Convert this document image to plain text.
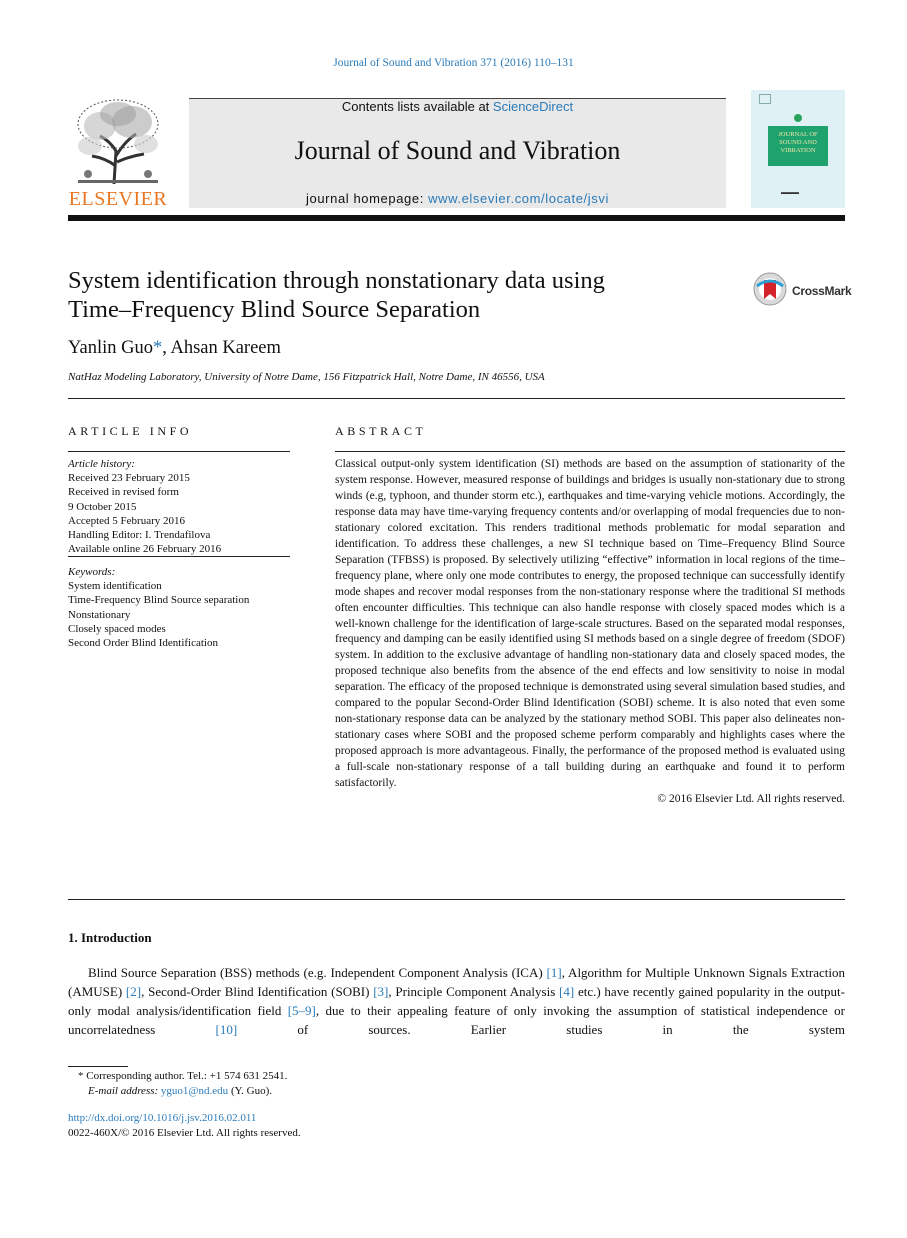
Journal of Sound and Vibration 371 (2016) 110–131
ELSEVIER
Contents lists available at ScienceDirect
Journal of Sound and Vibration
journal homepage: www.elsevier.com/locate/jsvi
JOURNAL OF
SOUND AND
VIBRATION
▬▬▬
System identification through nonstationary data using
Time–Frequency Blind Source Separation
CrossMark
Yanlin Guo*, Ahsan Kareem
NatHaz Modeling Laboratory, University of Notre Dame, 156 Fitzpatrick Hall, Notre Dame, IN 46556, USA
ARTICLE INFO
Article history:
Received 23 February 2015
Received in revised form
9 October 2015
Accepted 5 February 2016
Handling Editor: I. Trendafilova
Available online 26 February 2016
Keywords:
System identification
Time-Frequency Blind Source separation
Nonstationary
Closely spaced modes
Second Order Blind Identification
ABSTRACT
Classical output-only system identification (SI) methods are based on the assumption of stationarity of the system response. However, measured response of buildings and bridges is usually non-stationary due to strong winds (e.g, typhoon, and thunder storm etc.), earthquakes and time-varying vehicle motions. Accordingly, the response data may have time-varying frequency contents and/or overlapping of modal frequencies due to non-stationary colored excitation. This renders traditional methods problematic for modal separation and identification. To address these challenges, a new SI technique based on Time–Frequency Blind Source Separation (TFBSS) is proposed. By selectively utilizing “effective” information in local regions of the time–frequency plane, where only one mode contributes to energy, the proposed technique can successfully identify mode shapes and recover modal responses from the non-stationary response where the traditional SI methods often encounter difficulties. This technique can also handle response with closely spaced modes which is a well-known challenge for the identification of large-scale structures. Based on the separated modal responses, frequency and damping can be easily identified using SI methods based on a single degree of freedom (SDOF) system. In addition to the exclusive advantage of handling non-stationary data and closely spaced modes, the proposed technique also benefits from the absence of the end effects and low sensitivity to noise in modal separation. The efficacy of the proposed technique is demonstrated using several simulation based studies, and compared to the popular Second-Order Blind Identification (SOBI) scheme. It is also noted that even some non-stationary response data can be analyzed by the stationary method SOBI. This paper also delineates non-stationary cases where SOBI and the proposed scheme perform comparably and highlights cases where the proposed approach is more advantageous. Finally, the performance of the proposed method is evaluated using a full-scale non-stationary response of a tall building during an earthquake and found it to perform satisfactorily.
© 2016 Elsevier Ltd. All rights reserved.
1. Introduction

Blind Source Separation (BSS) methods (e.g. Independent Component Analysis (ICA) [1], Algorithm for Multiple Unknown Signals Extraction (AMUSE) [2], Second-Order Blind Identification (SOBI) [3], Principle Component Analysis [4] etc.) have recently gained popularity in the output-only modal analysis/identification field [5–9], due to their appealing feature of only invoking the assumption of statistical independence or uncorrelatedness [10] of sources. Earlier studies in the system

* Corresponding author. Tel.: +1 574 631 2541.
E-mail address: yguo1@nd.edu (Y. Guo).
http://dx.doi.org/10.1016/j.jsv.2016.02.011
0022-460X/© 2016 Elsevier Ltd. All rights reserved.
